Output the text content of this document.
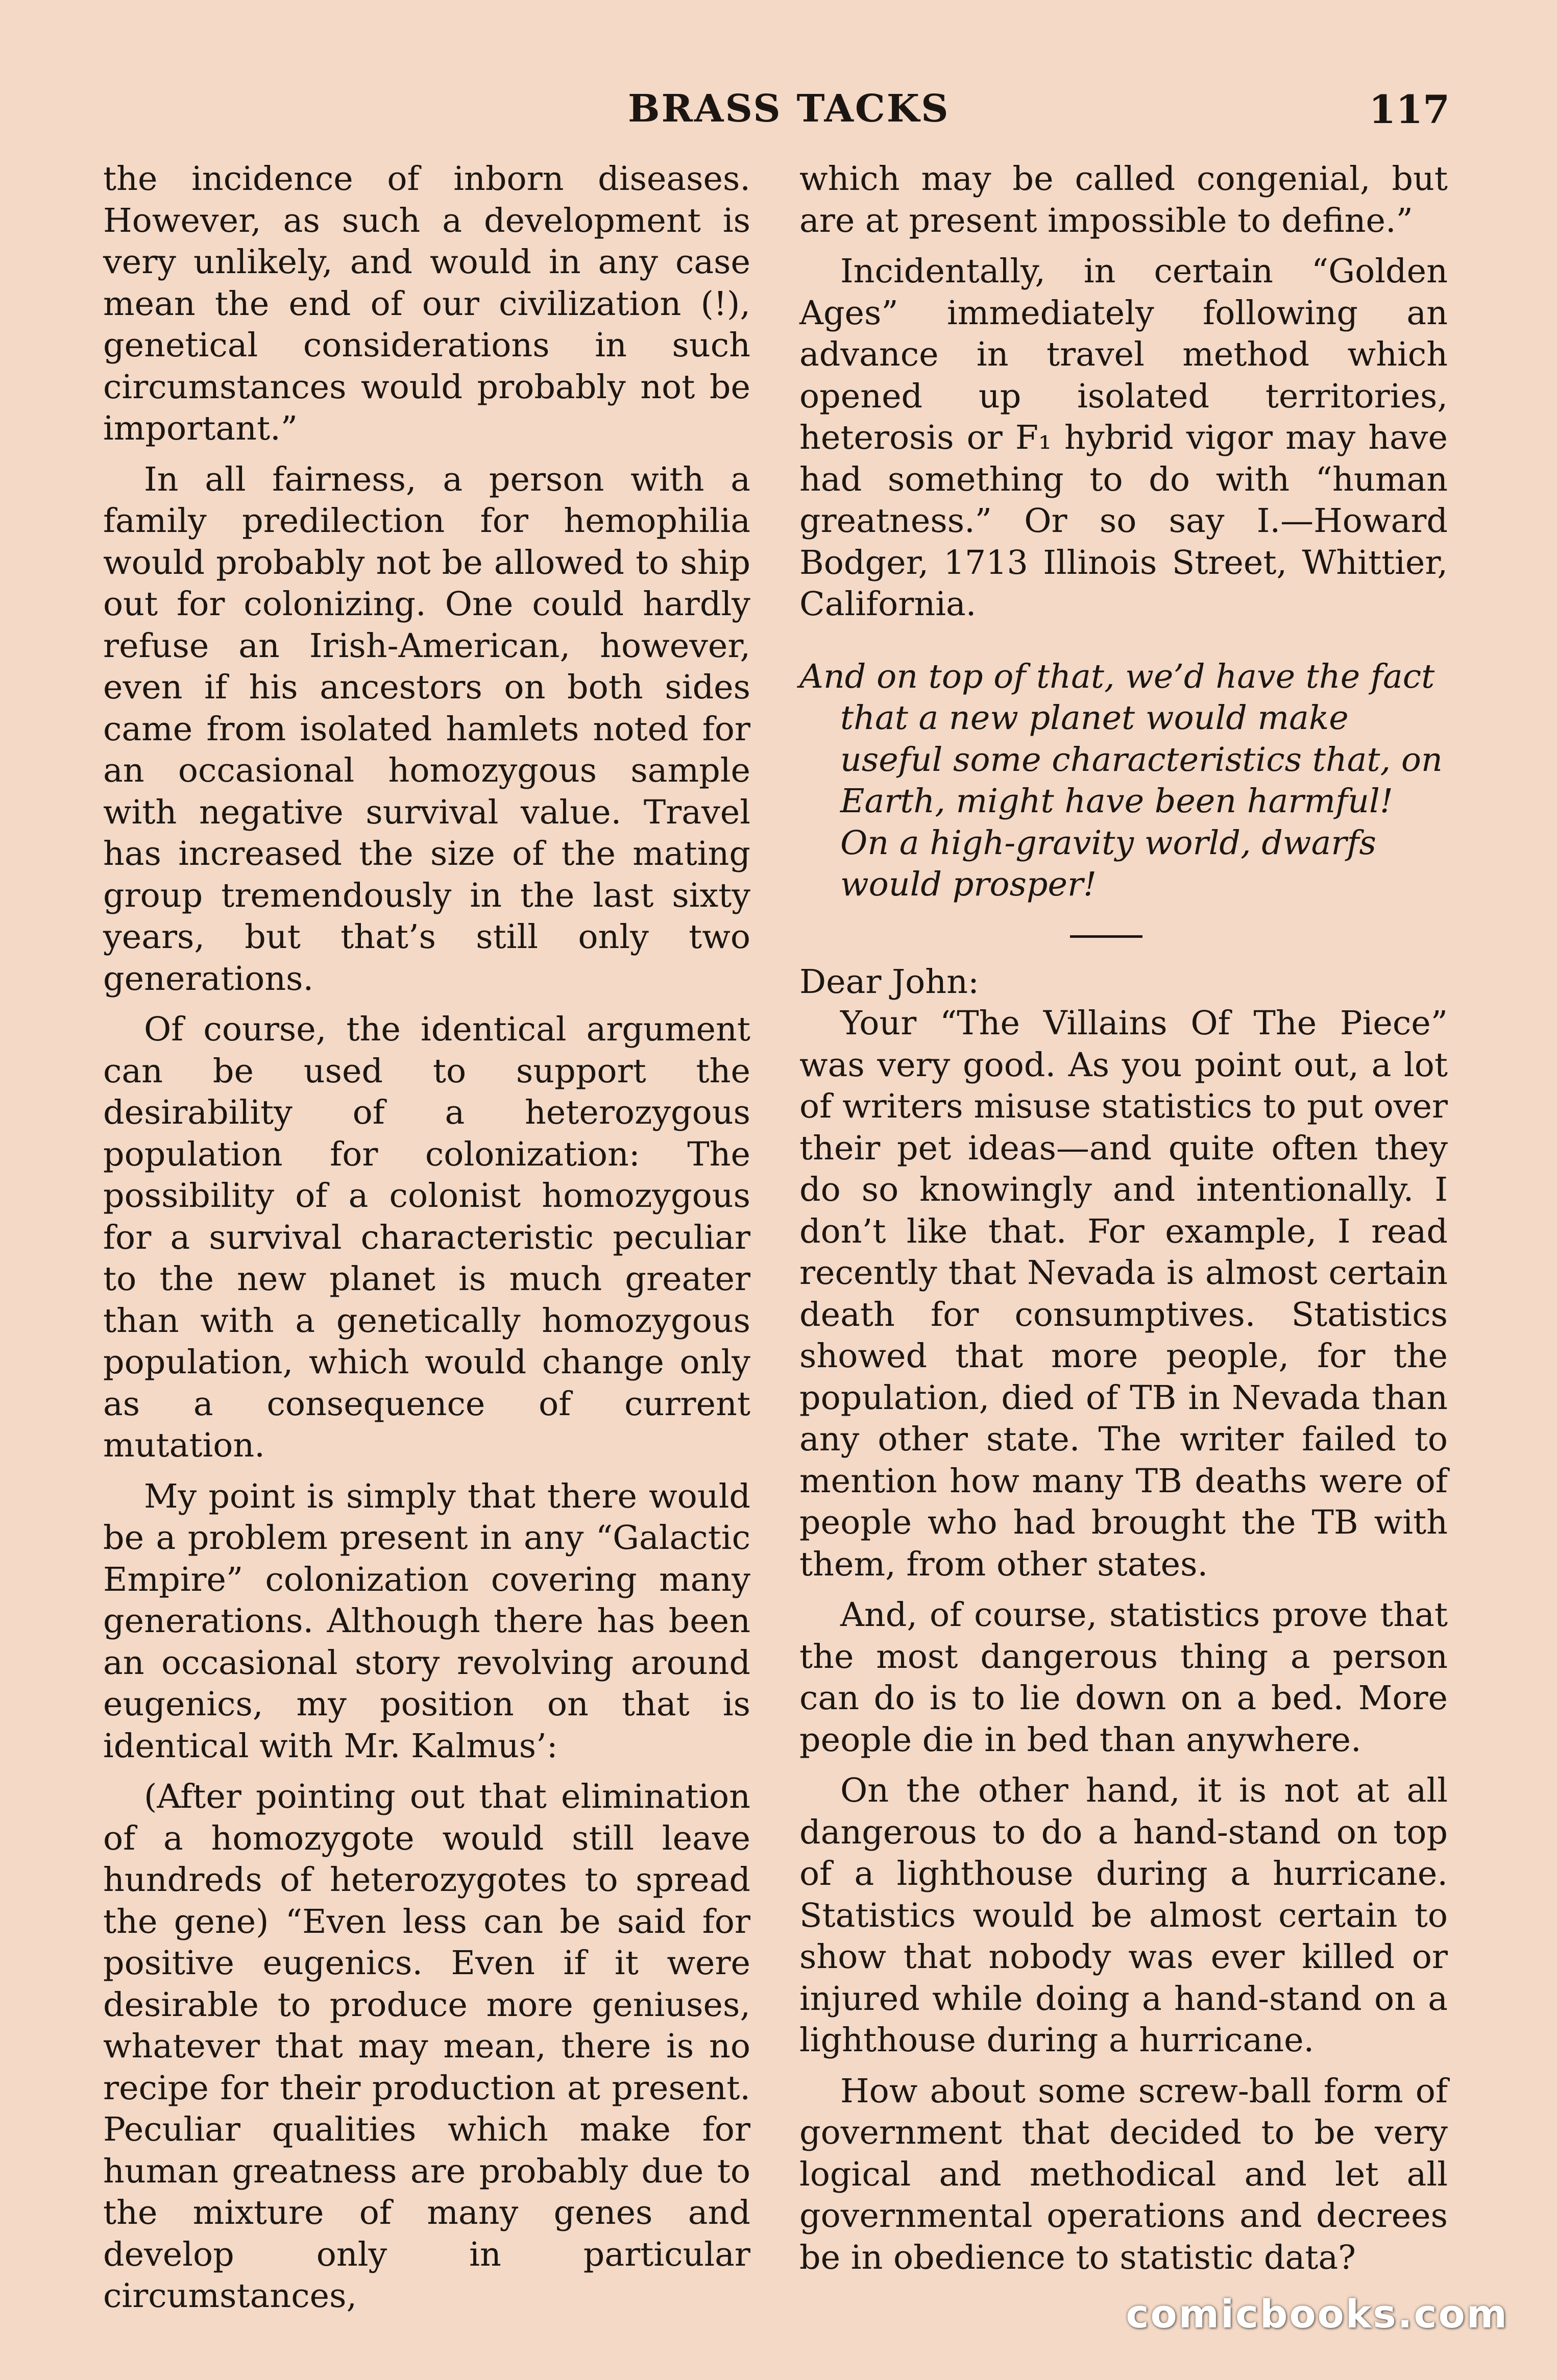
BRASS TACKS	117

the incidence of inborn diseases. However, as such a development is very unlikely, and would in any case mean the end of our civilization (!), genetical considerations in such circumstances would probably not be important.”

In all fairness, a person with a family predilection for hemophilia would probably not be allowed to ship out for colonizing. One could hardly refuse an Irish-American, however, even if his ancestors on both sides came from isolated hamlets noted for an occasional homozygous sample with negative survival value. Travel has increased the size of the mating group tremendously in the last sixty years, but that’s still only two generations.

Of course, the identical argument can be used to support the desirability of a heterozygous population for colonization: The possibility of a colonist homozygous for a survival characteristic peculiar to the new planet is much greater than with a genetically homozygous population, which would change only as a consequence of current mutation.

My point is simply that there would be a problem present in any “Galactic Empire” colonization covering many generations. Although there has been an occasional story revolving around eugenics, my position on that is identical with Mr. Kalmus’:

(After pointing out that elimination of a homozygote would still leave hundreds of heterozygotes to spread the gene) “Even less can be said for positive eugenics. Even if it were desirable to produce more geniuses, whatever that may mean, there is no recipe for their production at present. Peculiar qualities which make for human greatness are probably due to the mixture of many genes and develop only in particular circumstances,

which may be called congenial, but are at present impossible to define.”

Incidentally, in certain “Golden Ages” immediately following an advance in travel method which opened up isolated territories, heterosis or F₁ hybrid vigor may have had something to do with “human greatness.” Or so say I.—Howard Bodger, 1713 Illinois Street, Whittier, California.

And on top of that, we’d have the fact that a new planet would make useful some characteristics that, on Earth, might have been harmful! On a high-gravity world, dwarfs would prosper!

Dear John:

Your “The Villains Of The Piece” was very good. As you point out, a lot of writers misuse statistics to put over their pet ideas—and quite often they do so knowingly and intentionally. I don’t like that. For example, I read recently that Nevada is almost certain death for consumptives. Statistics showed that more people, for the population, died of TB in Nevada than any other state. The writer failed to mention how many TB deaths were of people who had brought the TB with them, from other states.

And, of course, statistics prove that the most dangerous thing a person can do is to lie down on a bed. More people die in bed than anywhere.

On the other hand, it is not at all dangerous to do a hand-stand on top of a lighthouse during a hurricane. Statistics would be almost certain to show that nobody was ever killed or injured while doing a hand-stand on a lighthouse during a hurricane.

How about some screw-ball form of government that decided to be very logical and methodical and let all governmental operations and decrees be in obedience to statistic data?

comicbooks.com
